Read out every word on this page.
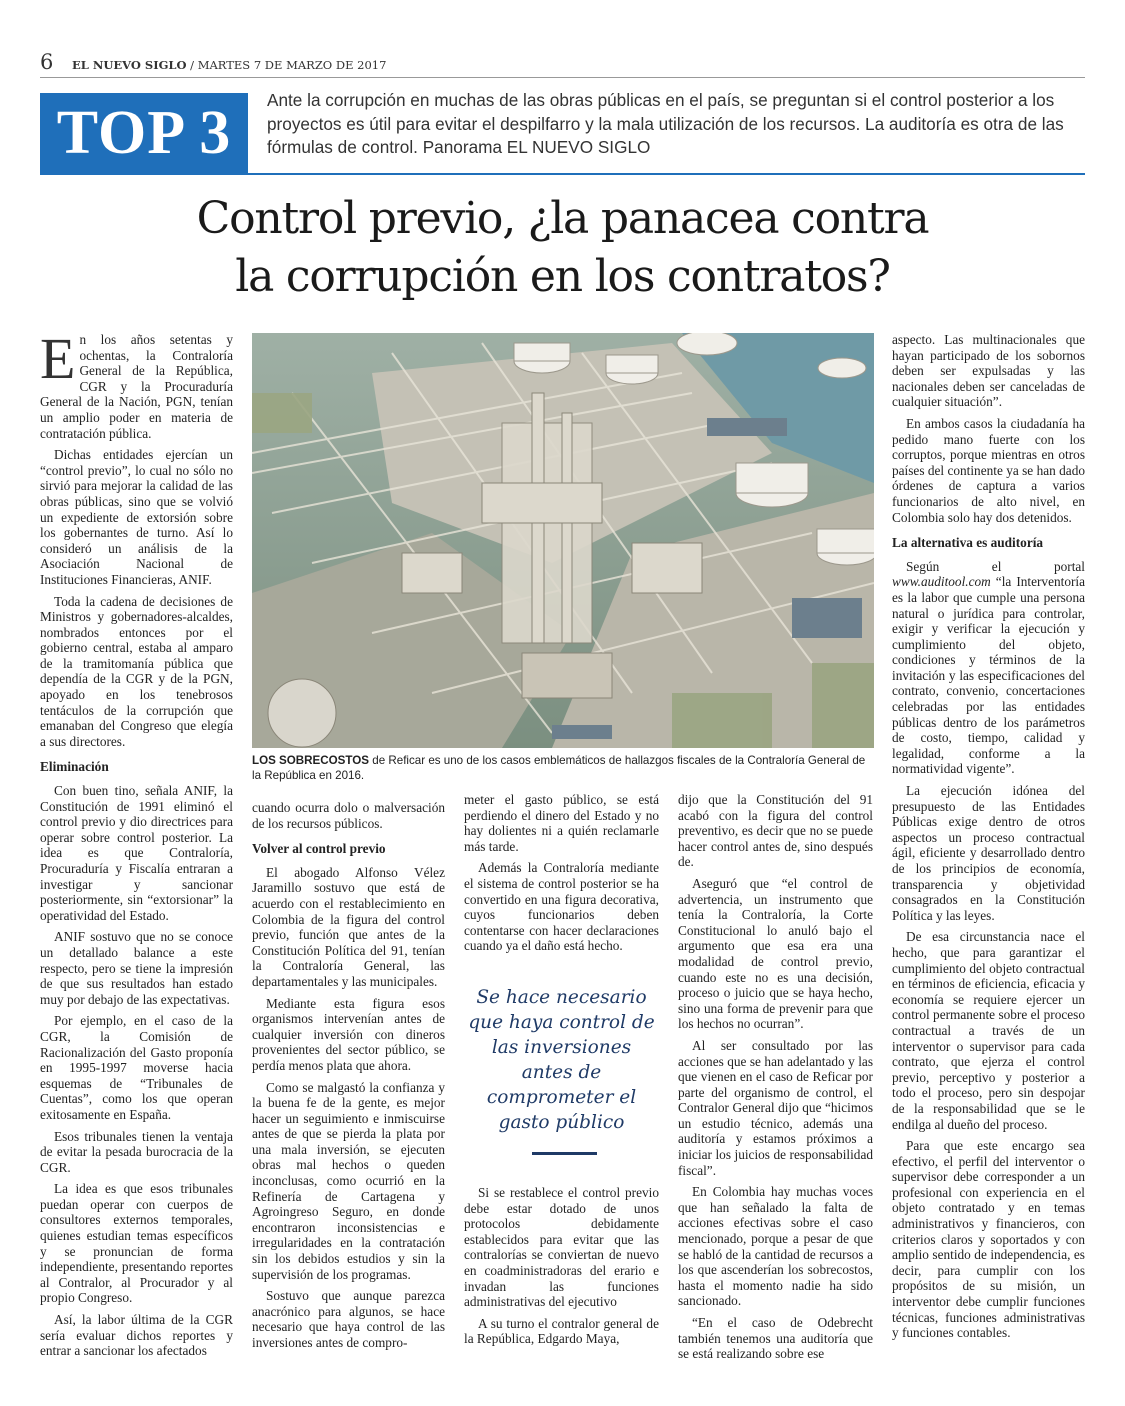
6 EL NUEVO SIGLO / MARTES 7 DE MARZO DE 2017
TOP 3	Ante la corrupción en muchas de las obras públicas en el país, se preguntan si el control posterior a los proyectos es útil para evitar el despilfarro y la mala utilización de los recursos. La auditoría es otra de las fórmulas de control. Panorama EL NUEVO SIGLO
Control previo, ¿la panacea contra
la corrupción en los contratos?

En los años setentas y ochentas, la Contraloría General de la República, CGR y la Procuraduría General de la Nación, PGN, tenían un amplio poder en materia de contratación pública.

Dichas entidades ejercían un “control previo”, lo cual no sólo no sirvió para mejorar la calidad de las obras públicas, sino que se volvió un expediente de extorsión sobre los gobernantes de turno. Así lo consideró un análisis de la Asociación Nacional de Instituciones Financieras, ANIF.

Toda la cadena de decisiones de Ministros y gobernadores-alcaldes, nombrados entonces por el gobierno central, estaba al amparo de la tramitomanía pública que dependía de la CGR y de la PGN, apoyado en los tenebrosos tentáculos de la corrupción que emanaban del Congreso que elegía a sus directores.

Eliminación

Con buen tino, señala ANIF, la Constitución de 1991 eliminó el control previo y dio directrices para operar sobre control posterior. La idea es que Contraloría, Procuraduría y Fiscalía entraran a investigar y sancionar posteriormente, sin “extorsionar” la operatividad del Estado.

ANIF sostuvo que no se conoce un detallado balance a este respecto, pero se tiene la impresión de que sus resultados han estado muy por debajo de las expectativas.

Por ejemplo, en el caso de la CGR, la Comisión de Racionalización del Gasto proponía en 1995-1997 moverse hacia esquemas de “Tribunales de Cuentas”, como los que operan exitosamente en España.

Esos tribunales tienen la ventaja de evitar la pesada burocracia de la CGR.

La idea es que esos tribunales puedan operar con cuerpos de consultores externos temporales, quienes estudian temas específicos y se pronuncian de forma independiente, presentando reportes al Contralor, al Procurador y al propio Congreso.

Así, la labor última de la CGR sería evaluar dichos reportes y entrar a sancionar los afectados

LOS SOBRECOSTOS de Reficar es uno de los casos emblemáticos de hallazgos fiscales de la Contraloría General de la República en 2016.

cuando ocurra dolo o malversación de los recursos públicos.

Volver al control previo

El abogado Alfonso Vélez Jaramillo sostuvo que está de acuerdo con el restablecimiento en Colombia de la figura del control previo, función que antes de la Constitución Política del 91, tenían la Contraloría General, las departamentales y las municipales.

Mediante esta figura esos organismos intervenían antes de cualquier inversión con dineros provenientes del sector público, se perdía menos plata que ahora.

Como se malgastó la confianza y la buena fe de la gente, es mejor hacer un seguimiento e inmiscuirse antes de que se pierda la plata por una mala inversión, se ejecuten obras mal hechos o queden inconclusas, como ocurrió en la Refinería de Cartagena y Agroingreso Seguro, en donde encontraron inconsistencias e irregularidades en la contratación sin los debidos estudios y sin la supervisión de los programas.

Sostuvo que aunque parezca anacrónico para algunos, se hace necesario que haya control de las inversiones antes de compro-

meter el gasto público, se está perdiendo el dinero del Estado y no hay dolientes ni a quién reclamarle más tarde.

Además la Contraloría mediante el sistema de control posterior se ha convertido en una figura decorativa, cuyos funcionarios deben contentarse con hacer declaraciones cuando ya el daño está hecho.

Se hace necesario que haya control de las inversiones antes de comprometer el gasto público

Si se restablece el control previo debe estar dotado de unos protocolos debidamente establecidos para evitar que las contralorías se conviertan de nuevo en coadministradoras del erario e invadan las funciones administrativas del ejecutivo

A su turno el contralor general de la República, Edgardo Maya,

dijo que la Constitución del 91 acabó con la figura del control preventivo, es decir que no se puede hacer control antes de, sino después de.

Aseguró que “el control de advertencia, un instrumento que tenía la Contraloría, la Corte Constitucional lo anuló bajo el argumento que esa era una modalidad de control previo, cuando este no es una decisión, proceso o juicio que se haya hecho, sino una forma de prevenir para que los hechos no ocurran”.

Al ser consultado por las acciones que se han adelantado y las que vienen en el caso de Reficar por parte del organismo de control, el Contralor General dijo que “hicimos un estudio técnico, además una auditoría y estamos próximos a iniciar los juicios de responsabilidad fiscal”.

En Colombia hay muchas voces que han señalado la falta de acciones efectivas sobre el caso mencionado, porque a pesar de que se habló de la cantidad de recursos a los que ascenderían los sobrecostos, hasta el momento nadie ha sido sancionado.

“En el caso de Odebrecht también tenemos una auditoría que se está realizando sobre ese

aspecto. Las multinacionales que hayan participado de los sobornos deben ser expulsadas y las nacionales deben ser canceladas de cualquier situación”.

En ambos casos la ciudadanía ha pedido mano fuerte con los corruptos, porque mientras en otros países del continente ya se han dado órdenes de captura a varios funcionarios de alto nivel, en Colombia solo hay dos detenidos.

La alternativa es auditoría

Según el portal www.auditool.com “la Interventoría es la labor que cumple una persona natural o jurídica para controlar, exigir y verificar la ejecución y cumplimiento del objeto, condiciones y términos de la invitación y las especificaciones del contrato, convenio, concertaciones celebradas por las entidades públicas dentro de los parámetros de costo, tiempo, calidad y legalidad, conforme a la normatividad vigente”.

La ejecución idónea del presupuesto de las Entidades Públicas exige dentro de otros aspectos un proceso contractual ágil, eficiente y desarrollado dentro de los principios de economía, transparencia y objetividad consagrados en la Constitución Política y las leyes.

De esa circunstancia nace el hecho, que para garantizar el cumplimiento del objeto contractual en términos de eficiencia, eficacia y economía se requiere ejercer un control permanente sobre el proceso contractual a través de un interventor o supervisor para cada contrato, que ejerza el control previo, perceptivo y posterior a todo el proceso, pero sin despojar de la responsabilidad que se le endilga al dueño del proceso.

Para que este encargo sea efectivo, el perfil del interventor o supervisor debe corresponder a un profesional con experiencia en el objeto contratado y en temas administrativos y financieros, con criterios claros y soportados y con amplio sentido de independencia, es decir, para cumplir con los propósitos de su misión, un interventor debe cumplir funciones técnicas, funciones administrativas y funciones contables.
